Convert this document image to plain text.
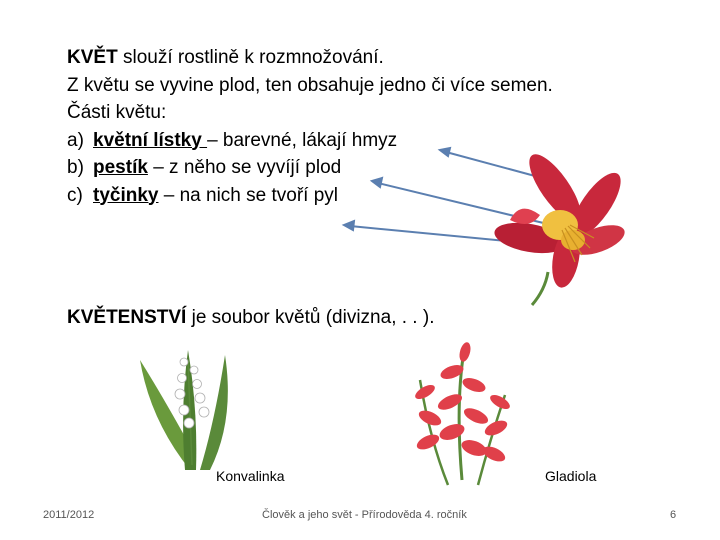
KVĚT slouží rostlině k rozmnožování.
Z květu se vyvine plod, ten obsahuje jedno či více semen.
Části květu:
a) květní lístky – barevné, lákají hmyz
b) pestík – z něho se vyvíjí plod
c) tyčinky – na nich se tvoří pyl
KVĚTENSTVÍ je soubor květů (divizna, . . ).
Konvalinka	Gladiola
2011/2012	Člověk a jeho svět - Přírodověda 4. ročník	6
